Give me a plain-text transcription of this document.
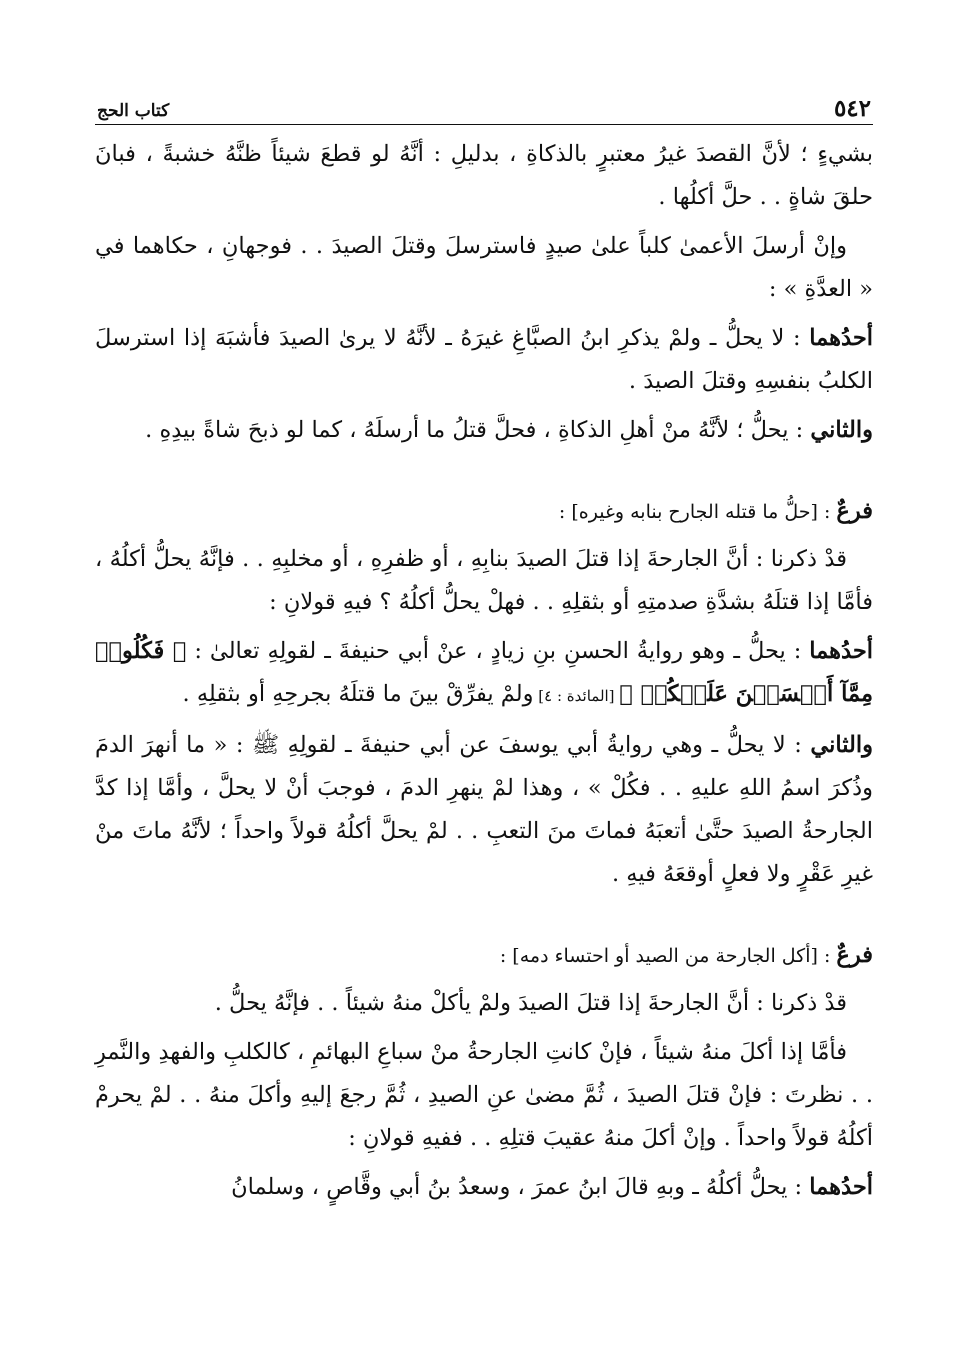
٥٤٢
كتاب الحج

بشيءٍ ؛ لأنَّ القصدَ غيرُ معتبرٍ بالذكاةِ ، بدليلِ : أنَّهُ لو قطعَ شيئاً ظنَّهُ خشبةً ، فبانَ حلقَ شاةٍ . . حلَّ أكلُها .

وإنْ أرسلَ الأعمىٰ كلباً علىٰ صيدٍ فاسترسلَ وقتلَ الصيدَ . . فوجهانِ ، حكاهما في « العدَّةِ » :

أحدُهما : لا يحلُّ ـ ولمْ يذكرِ ابنُ الصبَّاغِ غيرَهُ ـ لأنَّهُ لا يرىٰ الصيدَ فأشبَهَ إذا استرسلَ الكلبُ بنفسِهِ وقتلَ الصيدَ .

والثاني : يحلُّ ؛ لأنَّهُ منْ أهلِ الذكاةِ ، فحلَّ قتلُ ما أرسلَهُ ، كما لو ذبحَ شاةً بيدِهِ .

فرعٌ : [حلُّ ما قتله الجارح بنابه وغيره] :

قدْ ذكرنا : أنَّ الجارحةَ إذا قتلَ الصيدَ بنابِهِ ، أو ظفرِهِ ، أو مخلبِهِ . . فإنَّهُ يحلُّ أكلُهُ ، فأمَّا إذا قتلَهُ بشدَّةِ صدمتِهِ أو بثقلِهِ . . فهلْ يحلُّ أكلُهُ ؟ فيهِ قولانِ :

أحدُهما : يحلُّ ـ وهو روايةُ الحسنِ بنِ زيادٍ ، عنْ أبي حنيفةَ ـ لقولِهِ تعالىٰ : ﴿ فَكُلُوا۟ مِمَّآ أَمۡسَكۡنَ عَلَيۡكُمۡ ﴾ [المائدة : ٤] ولمْ يفرِّقْ بينَ ما قتلَهُ بجرحِهِ أو بثقلِهِ .

والثاني : لا يحلُّ ـ وهي روايةُ أبي يوسفَ عن أبي حنيفةَ ـ لقولِهِ ﷺ : « ما أنهرَ الدمَ وذُكرَ اسمُ اللهِ عليهِ . . فكُلْ » ، وهذا لمْ ينهرِ الدمَ ، فوجبَ أنْ لا يحلَّ ، وأمَّا إذا كدَّ الجارحةُ الصيدَ حتَّىٰ أتعبَهُ فماتَ منَ التعبِ . . لمْ يحلَّ أكلُهُ قولاً واحداً ؛ لأنَّهُ ماتَ منْ غيرِ عَقْرٍ ولا فعلٍ أوقعَهُ فيهِ .

فرعٌ : [أكل الجارحة من الصيد أو احتساء دمه] :

قدْ ذكرنا : أنَّ الجارحةَ إذا قتلَ الصيدَ ولمْ يأكلْ منهُ شيئاً . . فإنَّهُ يحلُّ .

فأمَّا إذا أكلَ منهُ شيئاً ، فإنْ كانتِ الجارحةُ منْ سباعِ البهائمِ ، كالكلبِ والفهدِ والنَّمرِ . . نظرتَ : فإنْ قتلَ الصيدَ ، ثُمَّ مضىٰ عنِ الصيدِ ، ثُمَّ رجعَ إليهِ وأكلَ منهُ . . لمْ يحرمْ أكلُهُ قولاً واحداً . وإنْ أكلَ منهُ عقيبَ قتلِهِ . . ففيهِ قولانِ :

أحدُهما : يحلُّ أكلُهُ ـ وبهِ قالَ ابنُ عمرَ ، وسعدُ بنُ أبي وقَّاصٍ ، وسلمانُ
